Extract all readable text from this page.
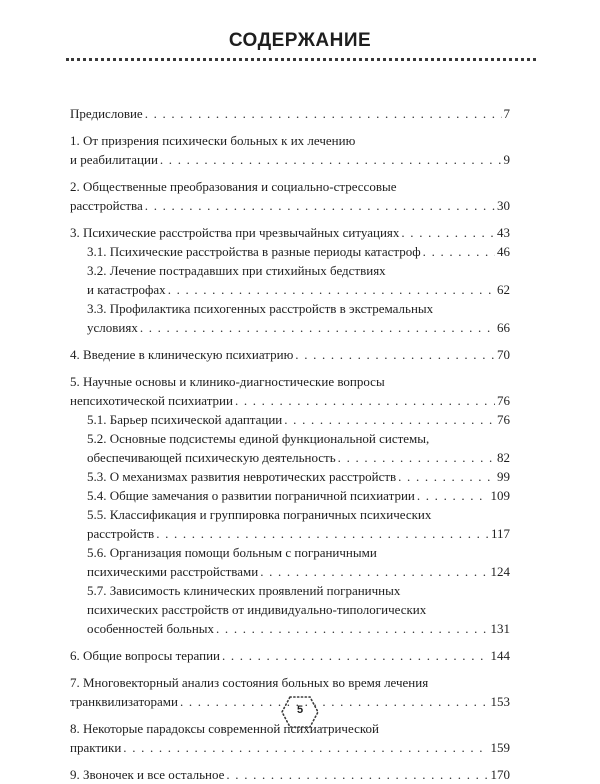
СОДЕРЖАНИЕ
Предисловие . . .	7
1. От призрения психически больных к их лечению
и реабилитации . . .	9
2. Общественные преобразования и социально-стрессовые
расстройства . . .	30
3. Психические расстройства при чрезвычайных ситуациях . . .	43
3.1. Психические расстройства в разные периоды катастроф . . .	46
3.2. Лечение пострадавших при стихийных бедствиях
и катастрофах . . .	62
3.3. Профилактика психогенных расстройств в экстремальных
условиях . . .	66
4. Введение в клиническую психиатрию . . .	70
5. Научные основы и клинико-диагностические вопросы
непсихотической психиатрии . . .	76
5.1. Барьер психической адаптации . . .	76
5.2. Основные подсистемы единой функциональной системы,
обеспечивающей психическую деятельность . . .	82
5.3. О механизмах развития невротических расстройств . . .	99
5.4. Общие замечания о развитии пограничной психиатрии . . .	109
5.5. Классификация и группировка пограничных психических
расстройств . . .	117
5.6. Организация помощи больным с пограничными
психическими расстройствами . . .	124
5.7. Зависимость клинических проявлений пограничных
психических расстройств от индивидуально-типологических
особенностей больных . . .	131
6. Общие вопросы терапии . . .	144
7. Многовекторный анализ состояния больных во время лечения
транквилизаторами . . .	153
8. Некоторые парадоксы современной психиатрической
практики . . .	159
9. Звоночек и все остальное . . .	170
5
